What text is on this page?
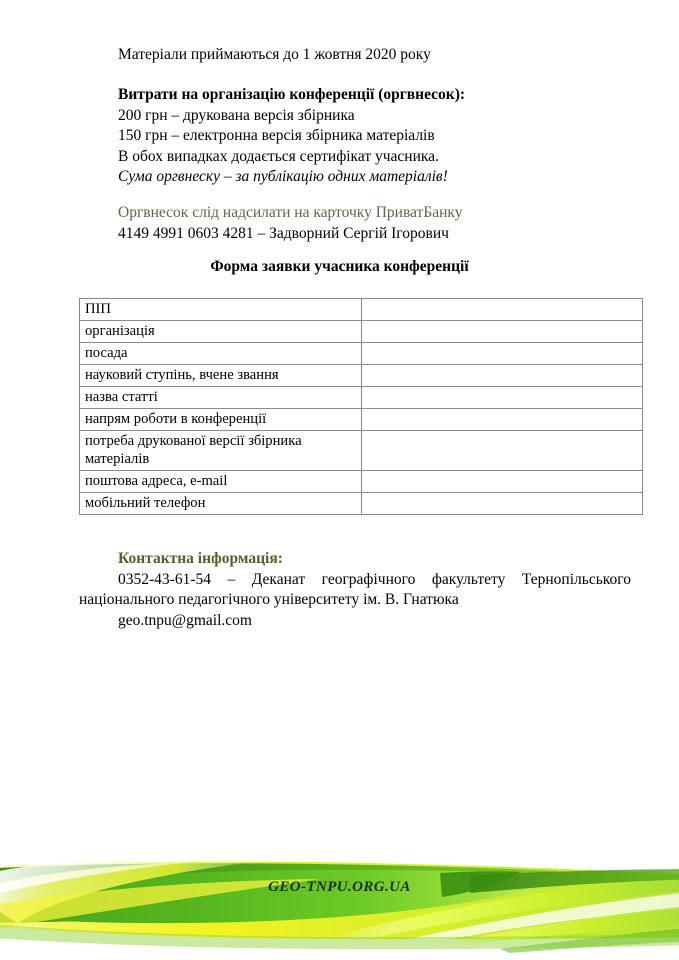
Матеріали приймаються до 1 жовтня 2020 року
Витрати на організацію конференції (оргвнесок):
200 грн – друкована версія збірника
150 грн – електронна версія збірника матеріалів
В обох випадках додається сертифікат учасника.
Сума оргвнеску – за публікацію одних матеріалів!
Оргвнесок слід надсилати на карточку ПриватБанку
4149 4991 0603 4281 – Задворний Сергій Ігорович
Форма заявки учасника конференції
ПІП	
організація	
посада	
науковий ступінь, вчене звання	
назва статті	
напрям роботи в конференції	
потреба друкованої версії збірника матеріалів	
поштова адреса, e-mail	
мобільний телефон	
Контактна інформація:
0352-43-61-54 – Деканат географічного факультету Тернопільського національного педагогічного університету ім. В. Гнатюка
geo.tnpu@gmail.com
GEO-TNPU.ORG.UA
